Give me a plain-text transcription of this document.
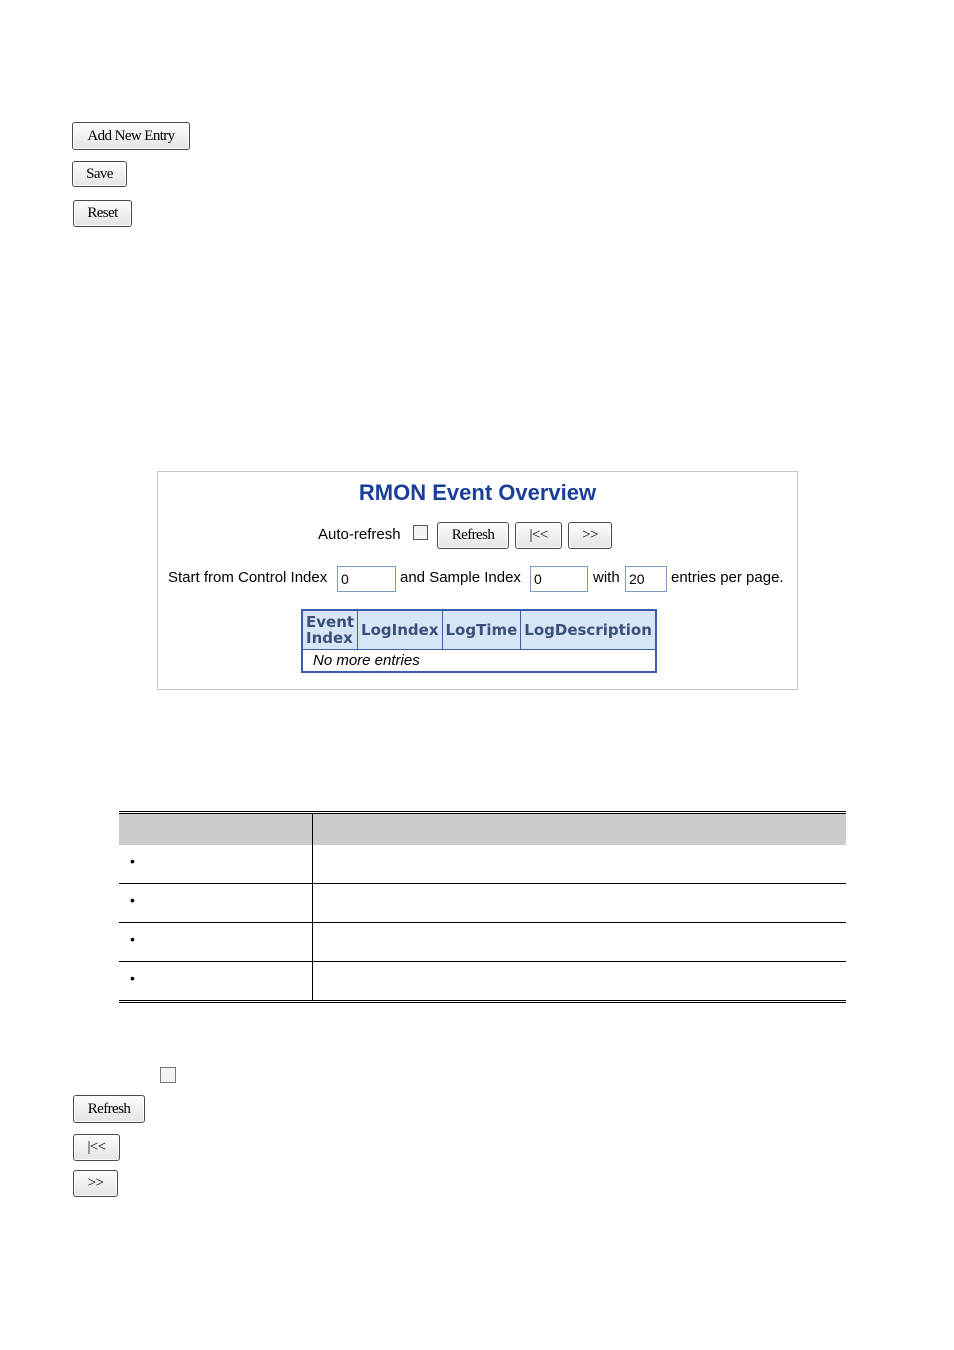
Add New Entry
Save
Reset
RMON Event Overview
Auto-refresh	Refresh	|<<	>>
Start from Control Index 0	and Sample Index 0	with 20	entries per page.
Event Index	LogIndex	LogTime	LogDescription
No more entries

•	

•	

•	

•	

Refresh
|<<
>>
